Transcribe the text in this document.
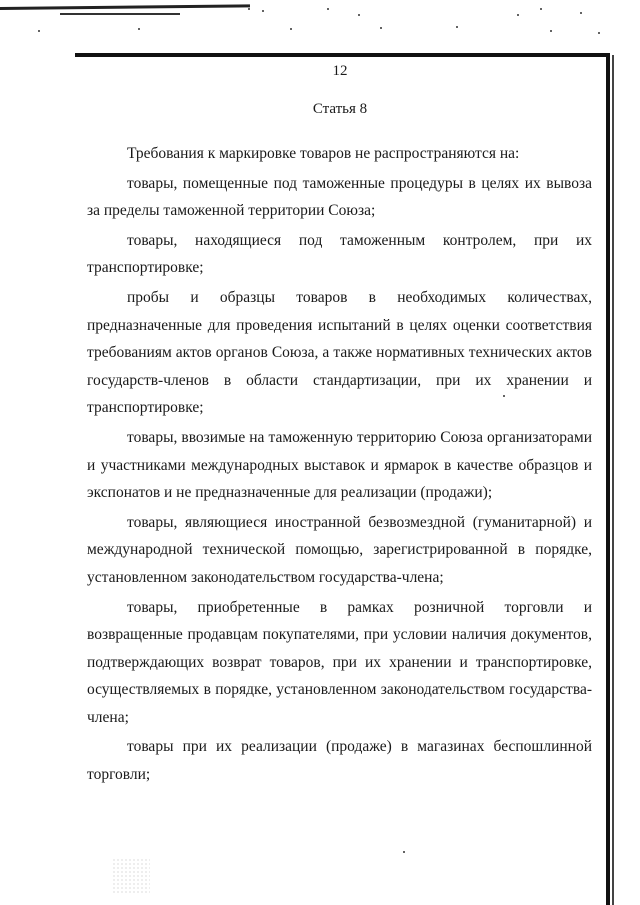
12
Статья 8

Требования к маркировке товаров не распространяются на:

товары, помещенные под таможенные процедуры в целях их вывоза за пределы таможенной территории Союза;

товары, находящиеся под таможенным контролем, при их транспортировке;

пробы и образцы товаров в необходимых количествах, предназначенные для проведения испытаний в целях оценки соответствия требованиям актов органов Союза, а также нормативных технических актов государств-членов в области стандартизации, при их хранении и транспортировке;

товары, ввозимые на таможенную территорию Союза организаторами и участниками международных выставок и ярмарок в качестве образцов и экспонатов и не предназначенные для реализации (продажи);

товары, являющиеся иностранной безвозмездной (гуманитарной) и международной технической помощью, зарегистрированной в порядке, установленном законодательством государства-члена;

товары, приобретенные в рамках розничной торговли и возвращенные продавцам покупателями, при условии наличия документов, подтверждающих возврат товаров, при их хранении и транспортировке, осуществляемых в порядке, установленном законодательством государства-члена;

товары при их реализации (продаже) в магазинах беспошлинной торговли;
